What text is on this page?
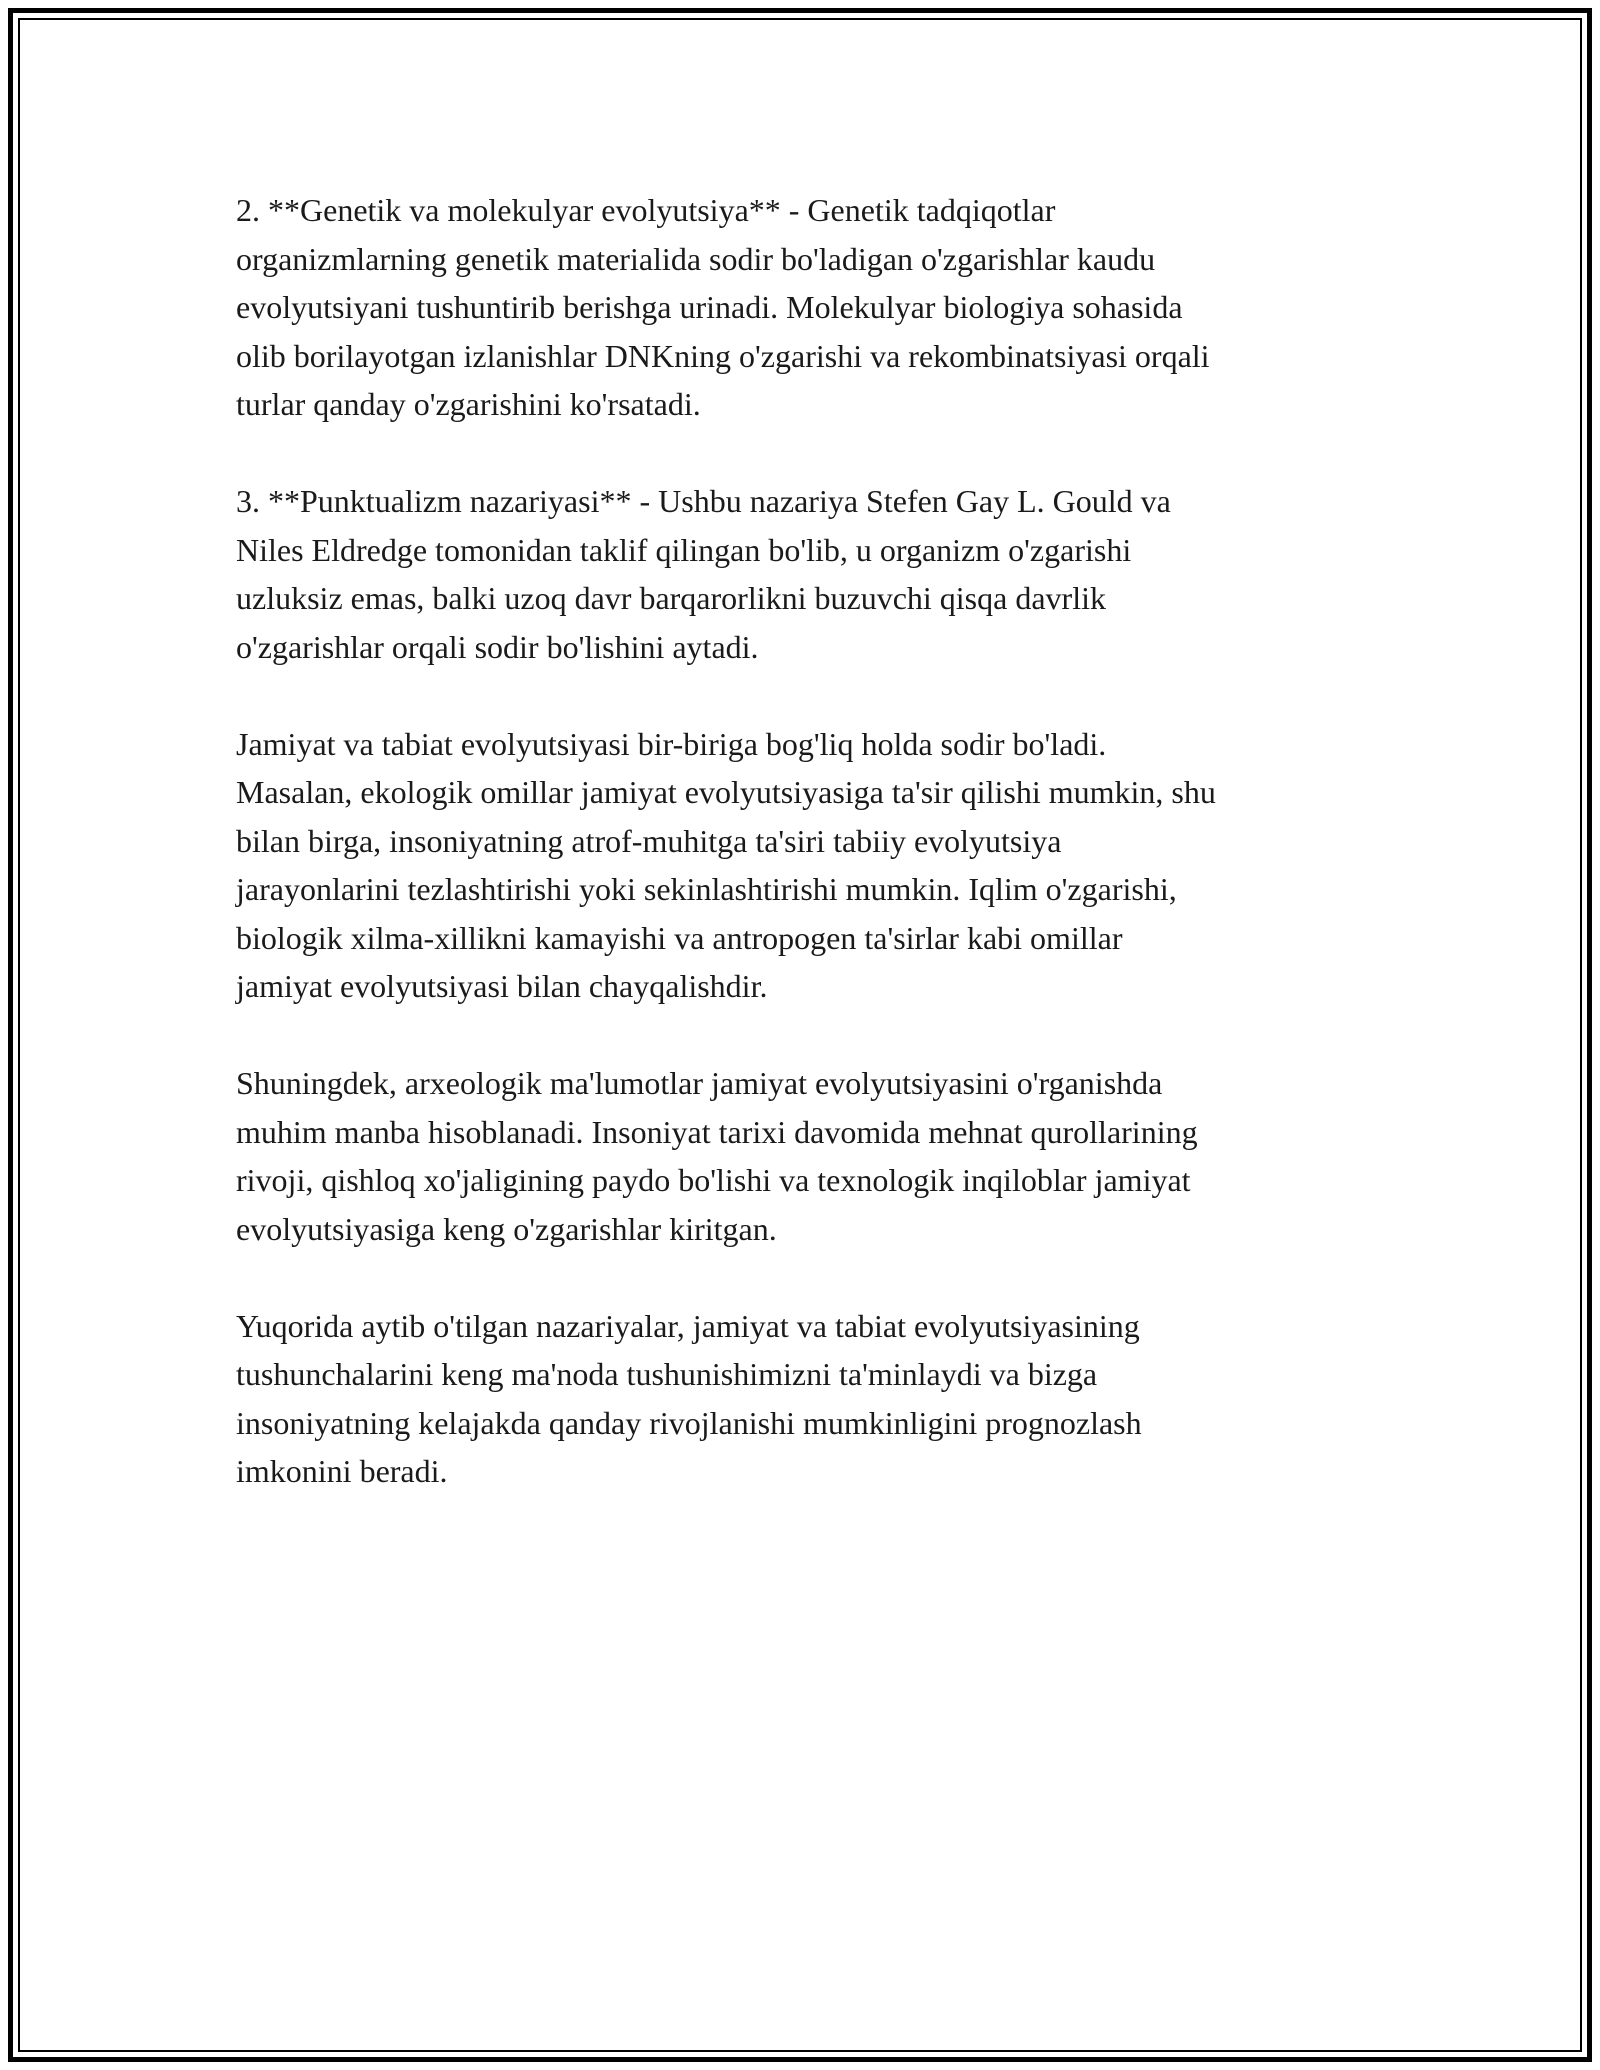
2. **Genetik va molekulyar evolyutsiya** - Genetik tadqiqotlar
organizmlarning genetik materialida sodir bo'ladigan o'zgarishlar kaudu
evolyutsiyani tushuntirib berishga urinadi. Molekulyar biologiya sohasida
olib borilayotgan izlanishlar DNKning o'zgarishi va rekombinatsiyasi orqali
turlar qanday o'zgarishini ko'rsatadi.

3. **Punktualizm nazariyasi** - Ushbu nazariya Stefen Gay L. Gould va
Niles Eldredge tomonidan taklif qilingan bo'lib, u organizm o'zgarishi
uzluksiz emas, balki uzoq davr barqarorlikni buzuvchi qisqa davrlik
o'zgarishlar orqali sodir bo'lishini aytadi.

Jamiyat va tabiat evolyutsiyasi bir-biriga bog'liq holda sodir bo'ladi.
Masalan, ekologik omillar jamiyat evolyutsiyasiga ta'sir qilishi mumkin, shu
bilan birga, insoniyatning atrof-muhitga ta'siri tabiiy evolyutsiya
jarayonlarini tezlashtirishi yoki sekinlashtirishi mumkin. Iqlim o'zgarishi,
biologik xilma-xillikni kamayishi va antropogen ta'sirlar kabi omillar
jamiyat evolyutsiyasi bilan chayqalishdir.

Shuningdek, arxeologik ma'lumotlar jamiyat evolyutsiyasini o'rganishda
muhim manba hisoblanadi. Insoniyat tarixi davomida mehnat qurollarining
rivoji, qishloq xo'jaligining paydo bo'lishi va texnologik inqiloblar jamiyat
evolyutsiyasiga keng o'zgarishlar kiritgan.

Yuqorida aytib o'tilgan nazariyalar, jamiyat va tabiat evolyutsiyasining
tushunchalarini keng ma'noda tushunishimizni ta'minlaydi va bizga
insoniyatning kelajakda qanday rivojlanishi mumkinligini prognozlash
imkonini beradi.
